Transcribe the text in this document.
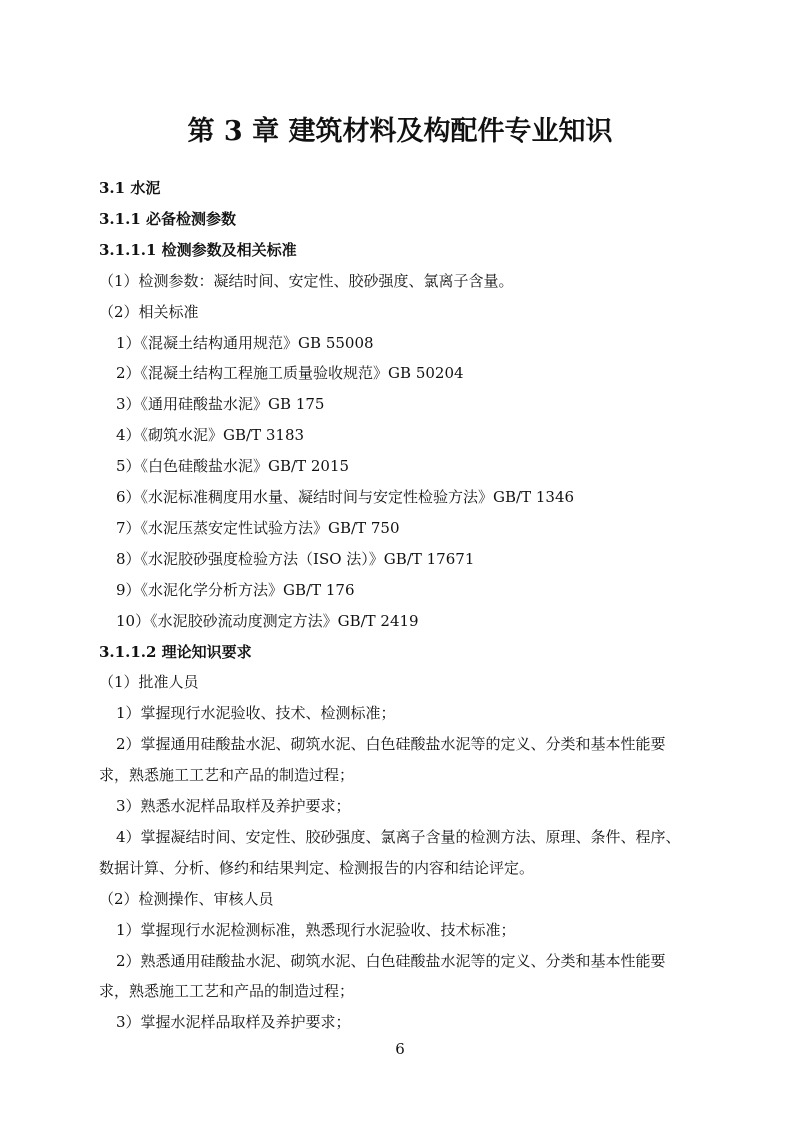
第 3 章 建筑材料及构配件专业知识
3.1 水泥
3.1.1 必备检测参数
3.1.1.1 检测参数及相关标准
（1）检测参数：凝结时间、安定性、胶砂强度、氯离子含量。
（2）相关标准
1）《混凝土结构通用规范》GB 55008
2）《混凝土结构工程施工质量验收规范》GB 50204
3）《通用硅酸盐水泥》GB 175
4）《砌筑水泥》GB/T 3183
5）《白色硅酸盐水泥》GB/T 2015
6）《水泥标准稠度用水量、凝结时间与安定性检验方法》GB/T 1346
7）《水泥压蒸安定性试验方法》GB/T 750
8）《水泥胶砂强度检验方法（ISO 法）》GB/T 17671
9）《水泥化学分析方法》GB/T 176
10）《水泥胶砂流动度测定方法》GB/T 2419
3.1.1.2 理论知识要求
（1）批准人员
1）掌握现行水泥验收、技术、检测标准；
2）掌握通用硅酸盐水泥、砌筑水泥、白色硅酸盐水泥等的定义、分类和基本性能要
求，熟悉施工工艺和产品的制造过程；
3）熟悉水泥样品取样及养护要求；
4）掌握凝结时间、安定性、胶砂强度、氯离子含量的检测方法、原理、条件、程序、
数据计算、分析、修约和结果判定、检测报告的内容和结论评定。
（2）检测操作、审核人员
1）掌握现行水泥检测标准，熟悉现行水泥验收、技术标准；
2）熟悉通用硅酸盐水泥、砌筑水泥、白色硅酸盐水泥等的定义、分类和基本性能要
求，熟悉施工工艺和产品的制造过程；
3）掌握水泥样品取样及养护要求；
6
